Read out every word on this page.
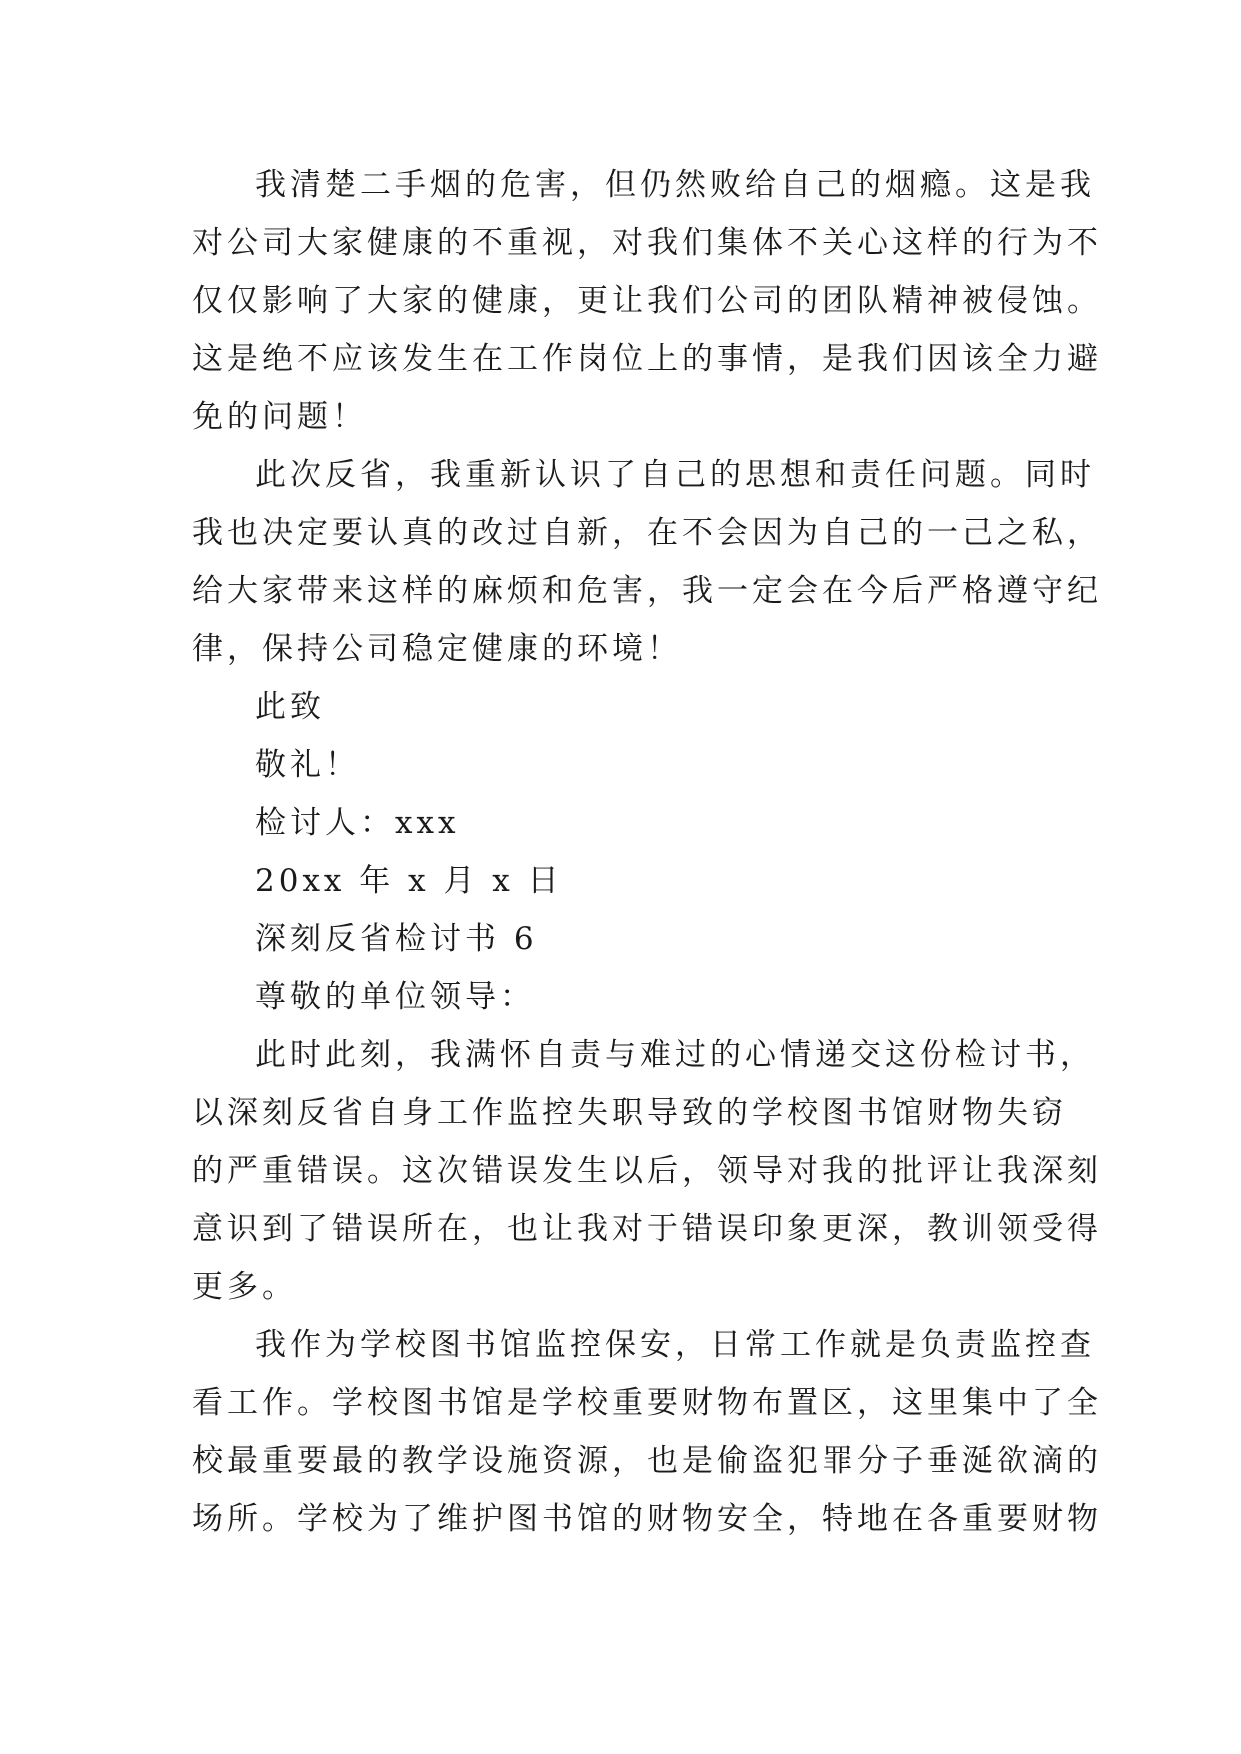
我清楚二手烟的危害，但仍然败给自己的烟瘾。这是我
对公司大家健康的不重视，对我们集体不关心这样的行为不
仅仅影响了大家的健康，更让我们公司的团队精神被侵蚀。
这是绝不应该发生在工作岗位上的事情，是我们因该全力避
免的问题！
此次反省，我重新认识了自己的思想和责任问题。同时
我也决定要认真的改过自新，在不会因为自己的一己之私，
给大家带来这样的麻烦和危害，我一定会在今后严格遵守纪
律，保持公司稳定健康的环境！
此致
敬礼！
检讨人：xxx
20xx 年 x 月 x 日
深刻反省检讨书 6
尊敬的单位领导：
此时此刻，我满怀自责与难过的心情递交这份检讨书，
以深刻反省自身工作监控失职导致的学校图书馆财物失窃
的严重错误。这次错误发生以后，领导对我的批评让我深刻
意识到了错误所在，也让我对于错误印象更深，教训领受得
更多。
我作为学校图书馆监控保安，日常工作就是负责监控查
看工作。学校图书馆是学校重要财物布置区，这里集中了全
校最重要最的教学设施资源，也是偷盗犯罪分子垂涎欲滴的
场所。学校为了维护图书馆的财物安全，特地在各重要财物
